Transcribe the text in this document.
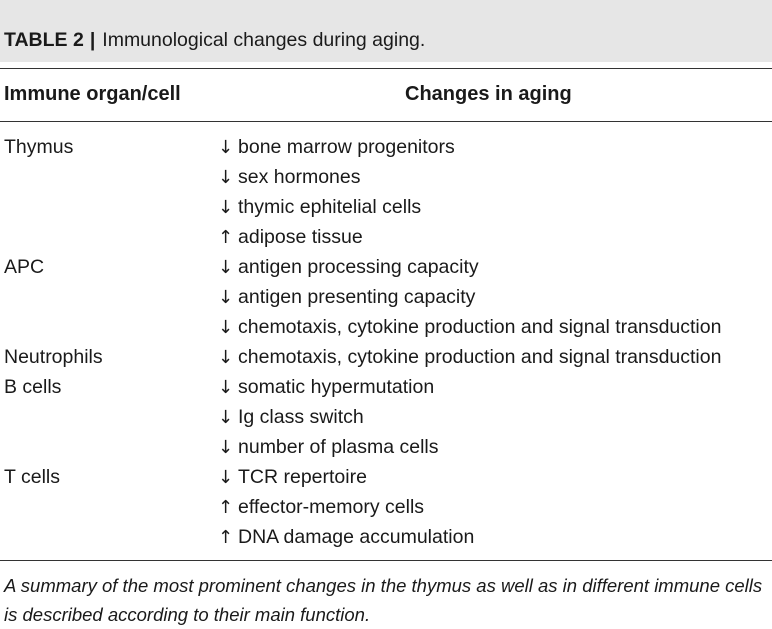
TABLE 2 | Immunological changes during aging.
Immune organ/cell	Changes in aging
Thymus	↓ bone marrow progenitors
↓ sex hormones
↓ thymic ephitelial cells
↑ adipose tissue
APC	↓ antigen processing capacity
↓ antigen presenting capacity
↓ chemotaxis, cytokine production and signal transduction
Neutrophils	↓ chemotaxis, cytokine production and signal transduction
B cells	↓ somatic hypermutation
↓ Ig class switch
↓ number of plasma cells
T cells	↓ TCR repertoire
↑ effector-memory cells
↑ DNA damage accumulation
A summary of the most prominent changes in the thymus as well as in different immune cells is described according to their main function.
